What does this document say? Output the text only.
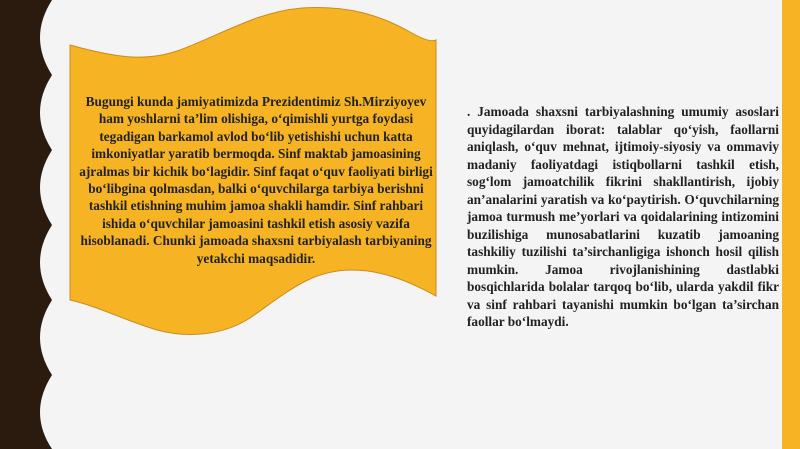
Bugungi kunda jamiyatimizda Prezidentimiz Sh.Mirziyoyev ham yoshlarni ta’lim olishiga, o‘qimishli yurtga foydasi tegadigan barkamol avlod bo‘lib yetishishi uchun katta imkoniyatlar yaratib bermoqda. Sinf maktab jamoasining ajralmas bir kichik bo‘lagidir. Sinf faqat o‘quv faoliyati birligi bo‘libgina qolmasdan, balki o‘quvchilarga tarbiya berishni tashkil etishning muhim jamoa shakli hamdir. Sinf rahbari ishida o‘quvchilar jamoasini tashkil etish asosiy vazifa hisoblanadi. Chunki jamoada shaxsni tarbiyalash tarbiyaning yetakchi maqsadidir.
. Jamoada shaxsni tarbiyalashning umumiy asoslari quyidagilardan iborat: talablar qo‘yish, faollarni aniqlash, o‘quv mehnat, ijtimoiy-siyosiy va ommaviy madaniy faoliyatdagi istiqbollarni tashkil etish, sog‘lom jamoatchilik fikrini shakllantirish, ijobiy an’analarini yaratish va ko‘paytirish. O‘quvchilarning jamoa turmush me’yorlari va qoidalarining intizomini buzilishiga munosabatlarini kuzatib jamoaning tashkiliy tuzilishi ta’sirchanligiga ishonch hosil qilish mumkin. Jamoa rivojlanishining dastlabki bosqichlarida bolalar tarqoq bo‘lib, ularda yakdil fikr va sinf rahbari tayanishi mumkin bo‘lgan ta’sirchan faollar bo‘lmaydi.
